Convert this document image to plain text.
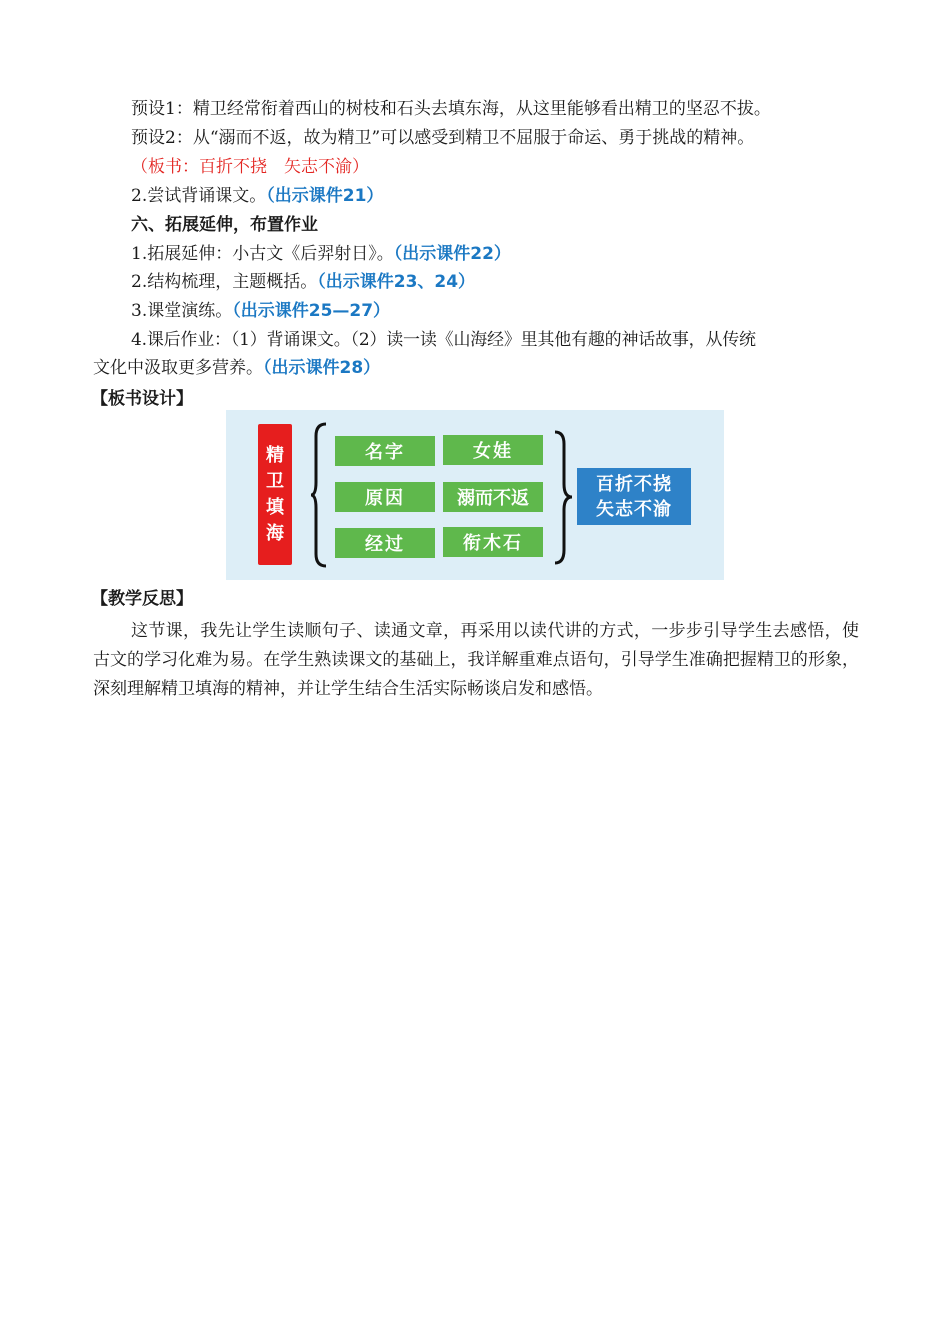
预设1：精卫经常衔着西山的树枝和石头去填东海，从这里能够看出精卫的坚忍不拔。
预设2：从“溺而不返，故为精卫”可以感受到精卫不屈服于命运、勇于挑战的精神。
（板书：百折不挠　矢志不渝）
2.尝试背诵课文。（出示课件21）
六、拓展延伸，布置作业
1.拓展延伸：小古文《后羿射日》。（出示课件22）
2.结构梳理，主题概括。（出示课件23、24）
3.课堂演练。（出示课件25—27）
4.课后作业：（1）背诵课文。（2）读一读《山海经》里其他有趣的神话故事，从传统
文化中汲取更多营养。（出示课件28）
【板书设计】
精
卫
填
海
名字
原因
经过
女娃
溺而不返
衔木石
百折不挠
矢志不渝
【教学反思】

这节课，我先让学生读顺句子、读通文章，再采用以读代讲的方式，一步步引导学生去感悟，使古文的学习化难为易。在学生熟读课文的基础上，我详解重难点语句，引导学生准确把握精卫的形象，深刻理解精卫填海的精神，并让学生结合生活实际畅谈启发和感悟。
